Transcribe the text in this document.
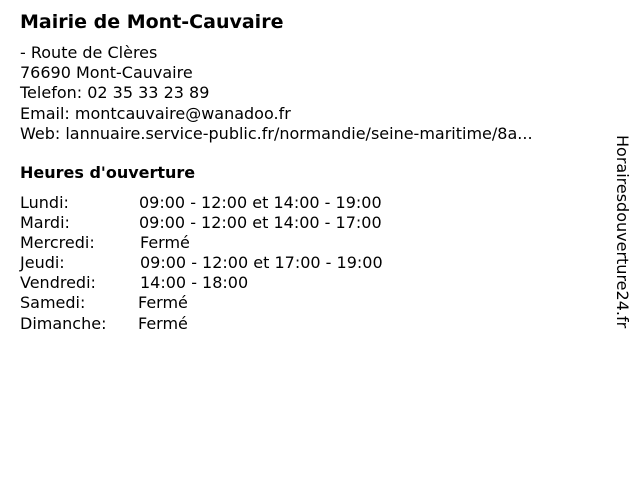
Mairie de Mont-Cauvaire
- Route de Clères
76690 Mont-Cauvaire
Telefon: 02 35 33 23 89
Email: montcauvaire@wanadoo.fr
Web: lannuaire.service-public.fr/normandie/seine-maritime/8a...
Heures d'ouverture
Lundi:	09:00 - 12:00 et 14:00 - 19:00
Mardi:	09:00 - 12:00 et 14:00 - 17:00
Mercredi:	Fermé
Jeudi:	09:00 - 12:00 et 17:00 - 19:00
Vendredi:	14:00 - 18:00
Samedi:	Fermé
Dimanche: Fermé	Horairesdouverture24.fr
